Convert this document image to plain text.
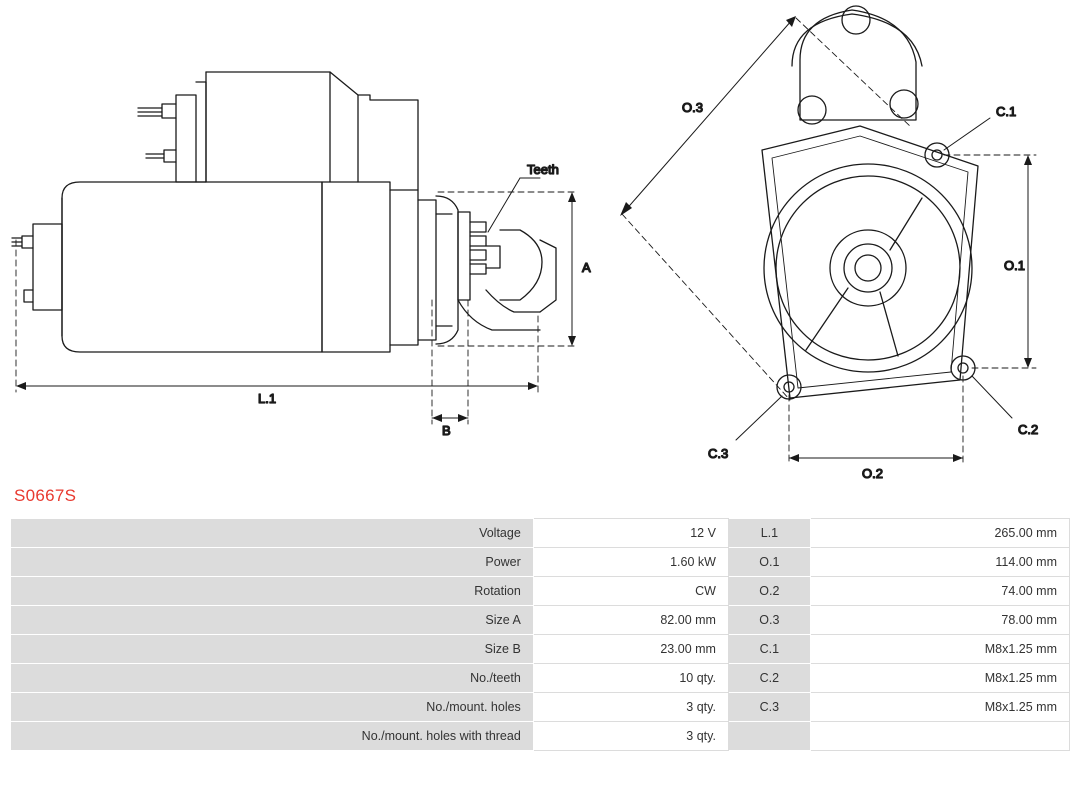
Teeth
A
L.1
B
O.3
O.1
O.2
C.1
C.2
C.3
S0667S
Voltage	12 V	L.1	265.00 mm
Power	1.60 kW	O.1	114.00 mm
Rotation	CW	O.2	74.00 mm
Size A	82.00 mm	O.3	78.00 mm
Size B	23.00 mm	C.1	M8x1.25 mm
No./teeth	10 qty.	C.2	M8x1.25 mm
No./mount. holes	3 qty.	C.3	M8x1.25 mm
No./mount. holes with thread	3 qty.		
